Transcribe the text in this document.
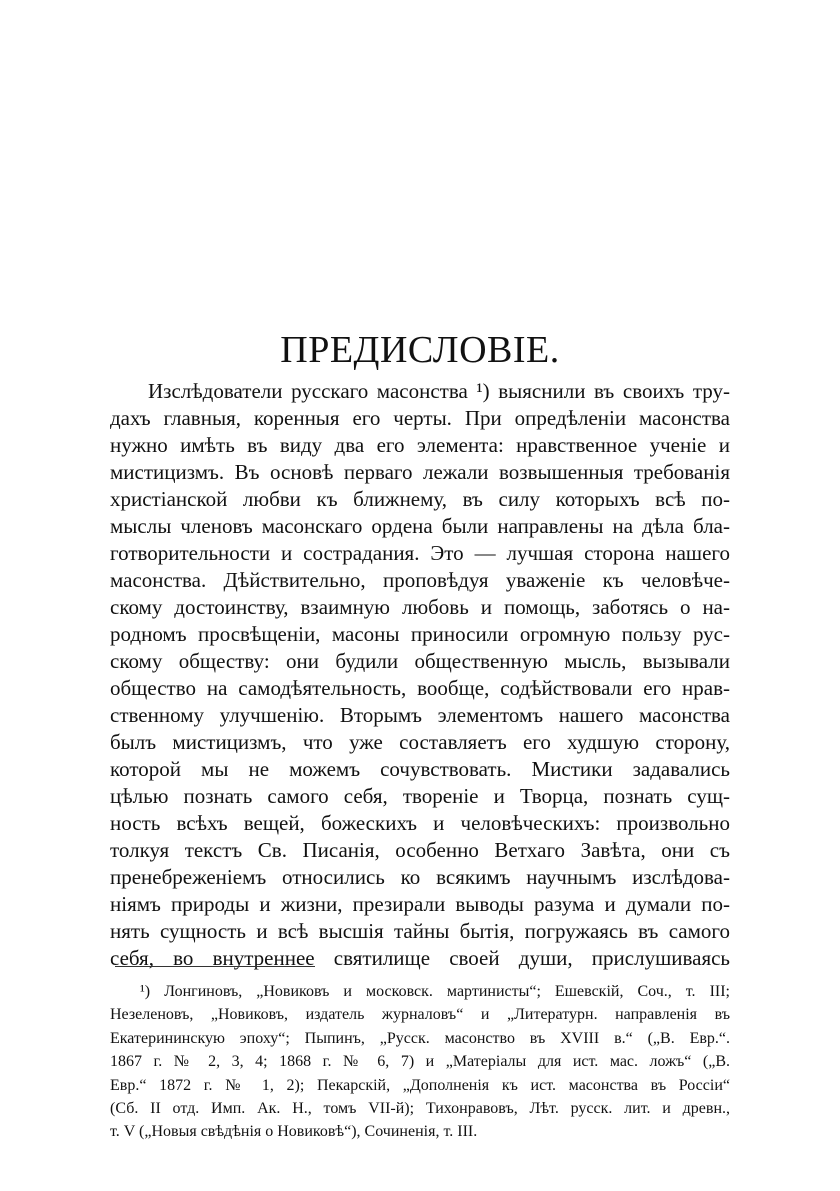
ПРЕДИСЛОВIЕ.
Изслѣдователи русскаго масонства ¹) выяснили въ своихъ тру-
дахъ главныя, коренныя его черты. При опредѣленiи масонства
нужно имѣть въ виду два его элемента: нравственное ученiе и
мистицизмъ. Въ основѣ перваго лежали возвышенныя требованiя
христiанской любви къ ближнему, въ силу которыхъ всѣ по-
мыслы членовъ масонскаго ордена были направлены на дѣла бла-
готворительности и сострадания. Это — лучшая сторона нашего
масонства. Дѣйствительно, проповѣдуя уваженiе къ человѣче-
скому достоинству, взаимную любовь и помощь, заботясь о на-
родномъ просвѣщенiи, масоны приносили огромную пользу рус-
скому обществу: они будили общественную мысль, вызывали
общество на самодѣятельность, вообще, содѣйствовали его нрав-
ственному улучшенiю. Вторымъ элементомъ нашего масонства
былъ мистицизмъ, что уже составляетъ его худшую сторону,
которой мы не можемъ сочувствовать. Мистики задавались
цѣлью познать самого себя, творенiе и Творца, познать сущ-
ность всѣхъ вещей, божескихъ и человѣческихъ: произвольно
толкуя текстъ Св. Писанiя, особенно Ветхаго Завѣта, они съ
пренебреженiемъ относились ко всякимъ научнымъ изслѣдова-
нiямъ природы и жизни, презирали выводы разума и думали по-
нять сущность и всѣ высшiя тайны бытiя, погружаясь въ самого
себя, во внутреннее святилище своей души, прислушиваясь
¹) Лонгиновъ, „Новиковъ и московск. мартинисты“; Ешевскiй, Соч., т. III;
Незеленовъ, „Новиковъ, издатель журналовъ“ и „Литературн. направленiя въ
Екатерининскую эпоху“; Пыпинъ, „Русск. масонство въ XVIII в.“ („В. Евр.“.
1867 г. № 2, 3, 4; 1868 г. № 6, 7) и „Матерiалы для ист. мас. ложъ“ („В.
Евр.“ 1872 г. № 1, 2); Пекарскiй, „Дополненiя къ ист. масонства въ Россiи“
(Сб. II отд. Имп. Ак. Н., томъ VII-й); Тихонравовъ, Лѣт. русск. лит. и древн.,
т. V („Новыя свѣдѣнiя о Новиковѣ“), Сочиненiя, т. III.
